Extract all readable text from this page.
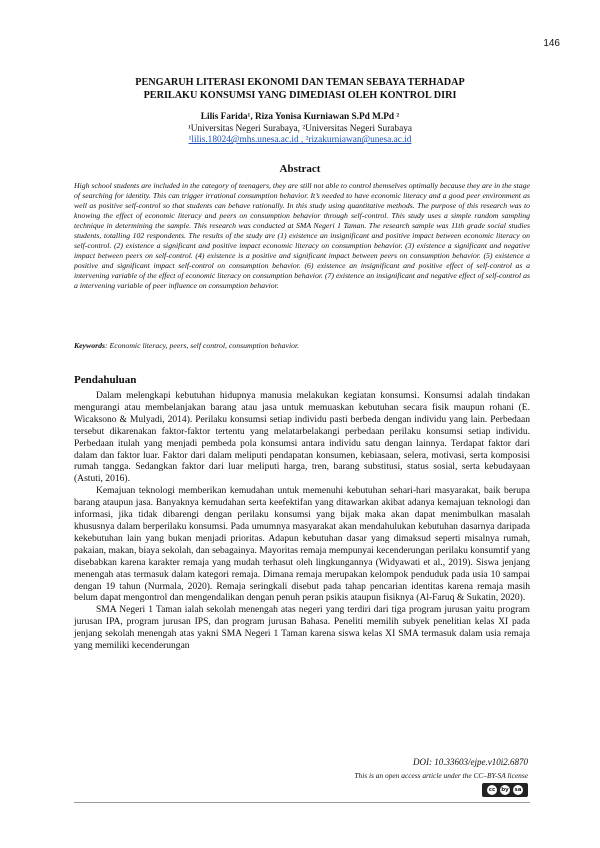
146
PENGARUH LITERASI EKONOMI DAN TEMAN SEBAYA TERHADAP
PERILAKU KONSUMSI YANG DIMEDIASI OLEH KONTROL DIRI
Lilis Farida¹, Riza Yonisa Kurniawan S.Pd M.Pd ²
¹Universitas Negeri Surabaya, ²Universitas Negeri Surabaya
¹lilis.18024@mhs.unesa.ac.id , ²rizakurniawan@unesa.ac.id
Abstract
High school students are included in the category of teenagers, they are still not able to control themselves optimally because they are in the stage of searching for identity. This can trigger irrational consumption behavior. It’s needed to have economic literacy and a good peer environment as well as positive self-control so that students can behave rationally. In this study using quantitative methods. The purpose of this research was to knowing the effect of economic literacy and peers on consumption behavior through self-control. This study uses a simple random sampling technique in determining the sample. This research was conducted at SMA Negeri 1 Taman. The research sample was 11th grade social studies students, totalling 102 respondents. The results of the study are (1) existence an insignificant and positive impact between economic literacy on self-control. (2) existence a significant and positive impact economic literacy on consumption behavior. (3) existence a significant and negative impact between peers on self-control. (4) existence is a positive and significant impact between peers on consumption behavior. (5) existence a positive and significant impact self-control on consumption behavior. (6) existence an insignificant and positive effect of self-control as a intervening variable of the effect of economic literacy on consumption behavior. (7) existence an insignificant and negative effect of self-control as a intervening variable of peer influence on consumption behavior.
Keywords: Economic literacy, peers, self control, consumption behavior.
Pendahuluan

Dalam melengkapi kebutuhan hidupnya manusia melakukan kegiatan konsumsi. Konsumsi adalah tindakan mengurangi atau membelanjakan barang atau jasa untuk memuaskan kebutuhan secara fisik maupun rohani (E. Wicaksono & Mulyadi, 2014). Perilaku konsumsi setiap individu pasti berbeda dengan individu yang lain. Perbedaan tersebut dikarenakan faktor-faktor tertentu yang melatarbelakangi perbedaan perilaku konsumsi setiap individu. Perbedaan itulah yang menjadi pembeda pola konsumsi antara individu satu dengan lainnya. Terdapat faktor dari dalam dan faktor luar. Faktor dari dalam meliputi pendapatan konsumen, kebiasaan, selera, motivasi, serta komposisi rumah tangga. Sedangkan faktor dari luar meliputi harga, tren, barang substitusi, status sosial, serta kebudayaan (Astuti, 2016).

Kemajuan teknologi memberikan kemudahan untuk memenuhi kebutuhan sehari-hari masyarakat, baik berupa barang ataupun jasa. Banyaknya kemudahan serta keefektifan yang ditawarkan akibat adanya kemajuan teknologi dan informasi, jika tidak dibarengi dengan perilaku konsumsi yang bijak maka akan dapat menimbulkan masalah khususnya dalam berperilaku konsumsi. Pada umumnya masyarakat akan mendahulukan kebutuhan dasarnya daripada kekebutuhan lain yang bukan menjadi prioritas. Adapun kebutuhan dasar yang dimaksud seperti misalnya rumah, pakaian, makan, biaya sekolah, dan sebagainya. Mayoritas remaja mempunyai kecenderungan perilaku konsumtif yang disebabkan karena karakter remaja yang mudah terhasut oleh lingkungannya (Widyawati et al., 2019). Siswa jenjang menengah atas termasuk dalam kategori remaja. Dimana remaja merupakan kelompok penduduk pada usia 10 sampai dengan 19 tahun (Nurmala, 2020). Remaja seringkali disebut pada tahap pencarian identitas karena remaja masih belum dapat mengontrol dan mengendalikan dengan penuh peran psikis ataupun fisiknya (Al-Faruq & Sukatin, 2020).

SMA Negeri 1 Taman ialah sekolah menengah atas negeri yang terdiri dari tiga program jurusan yaitu program jurusan IPA, program jurusan IPS, dan program jurusan Bahasa. Peneliti memilih subyek penelitian kelas XI pada jenjang sekolah menengah atas yakni SMA Negeri 1 Taman karena siswa kelas XI SMA termasuk dalam usia remaja yang memiliki kecenderungan

DOI: 10.33603/ejpe.v10i2.6870
This is an open access article under the CC–BY-SA license
cc	by sa
